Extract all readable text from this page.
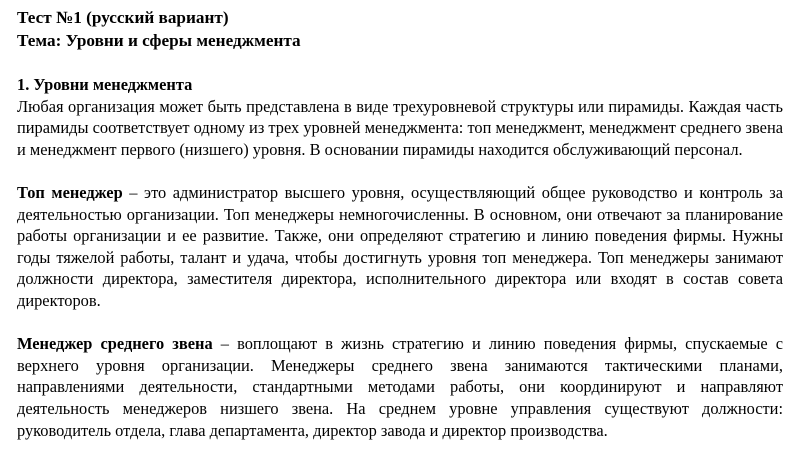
Тест №1 (русский вариант)
Тема: Уровни и сферы менеджмента
1. Уровни менеджмента

Любая организация может быть представлена в виде трехуровневой структуры или пирамиды. Каждая часть пирамиды соответствует одному из трех уровней менеджмента: топ менеджмент, менеджмент среднего звена и менеджмент первого (низшего) уровня. В основании пирамиды находится обслуживающий персонал.

Топ менеджер – это администратор высшего уровня, осуществляющий общее руководство и контроль за деятельностью организации. Топ менеджеры немногочисленны. В основном, они отвечают за планирование работы организации и ее развитие. Также, они определяют стратегию и линию поведения фирмы. Нужны годы тяжелой работы, талант и удача, чтобы достигнуть уровня топ менеджера. Топ менеджеры занимают должности директора, заместителя директора, исполнительного директора или входят в состав совета директоров.

Менеджер среднего звена – воплощают в жизнь стратегию и линию поведения фирмы, спускаемые с верхнего уровня организации. Менеджеры среднего звена занимаются тактическими планами, направлениями деятельности, стандартными методами работы, они координируют и направляют деятельность менеджеров низшего звена. На среднем уровне управления существуют должности: руководитель отдела, глава департамента, директор завода и директор производства.
